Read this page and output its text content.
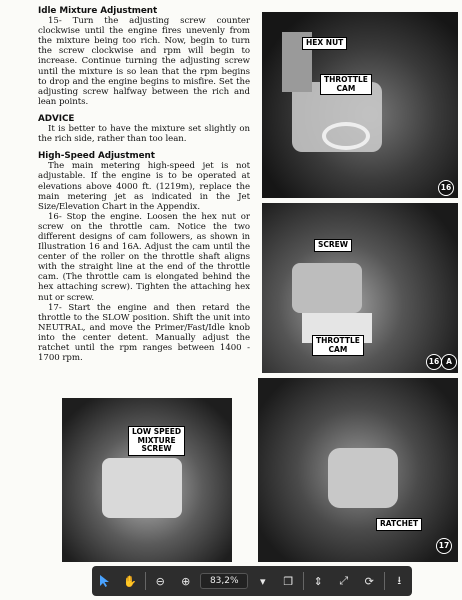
Idle Mixture Adjustment

15- Turn the adjusting screw counter clockwise until the engine fires unevenly from the mixture being too rich. Now, begin to turn the screw clockwise and rpm will begin to increase. Continue turning the adjusting screw until the mixture is so lean that the rpm begins to drop and the engine begins to misfire. Set the adjusting screw halfway between the rich and lean points.

ADVICE

It is better to have the mixture set slightly on the rich side, rather than too lean.

High-Speed Adjustment

The main metering high-speed jet is not adjustable. If the engine is to be operated at elevations above 4000 ft. (1219m), replace the main metering jet as indicated in the Jet Size/Elevation Chart in the Appendix.

16- Stop the engine. Loosen the hex nut or screw on the throttle cam. Notice the two different designs of cam followers, as shown in Illustration 16 and 16A. Adjust the cam until the center of the roller on the throttle shaft aligns with the straight line at the end of the throttle cam. (The throttle cam is elongated behind the hex attaching screw). Tighten the attaching hex nut or screw.

17- Start the engine and then retard the throttle to the SLOW position. Shift the unit into NEUTRAL, and move the Primer/Fast/Idle knob into the center detent. Manually adjust the ratchet until the rpm ranges between 1400 - 1700 rpm.

HEX NUT
THROTTLE
CAM
16
SCREW
THROTTLE
CAM
16 A
RATCHET
17
LOW SPEED
MIXTURE
SCREW
✋ ⊖ ⊕	83,2%	▾ ❐ ⇕ ⤢ ⟳ ⭳
